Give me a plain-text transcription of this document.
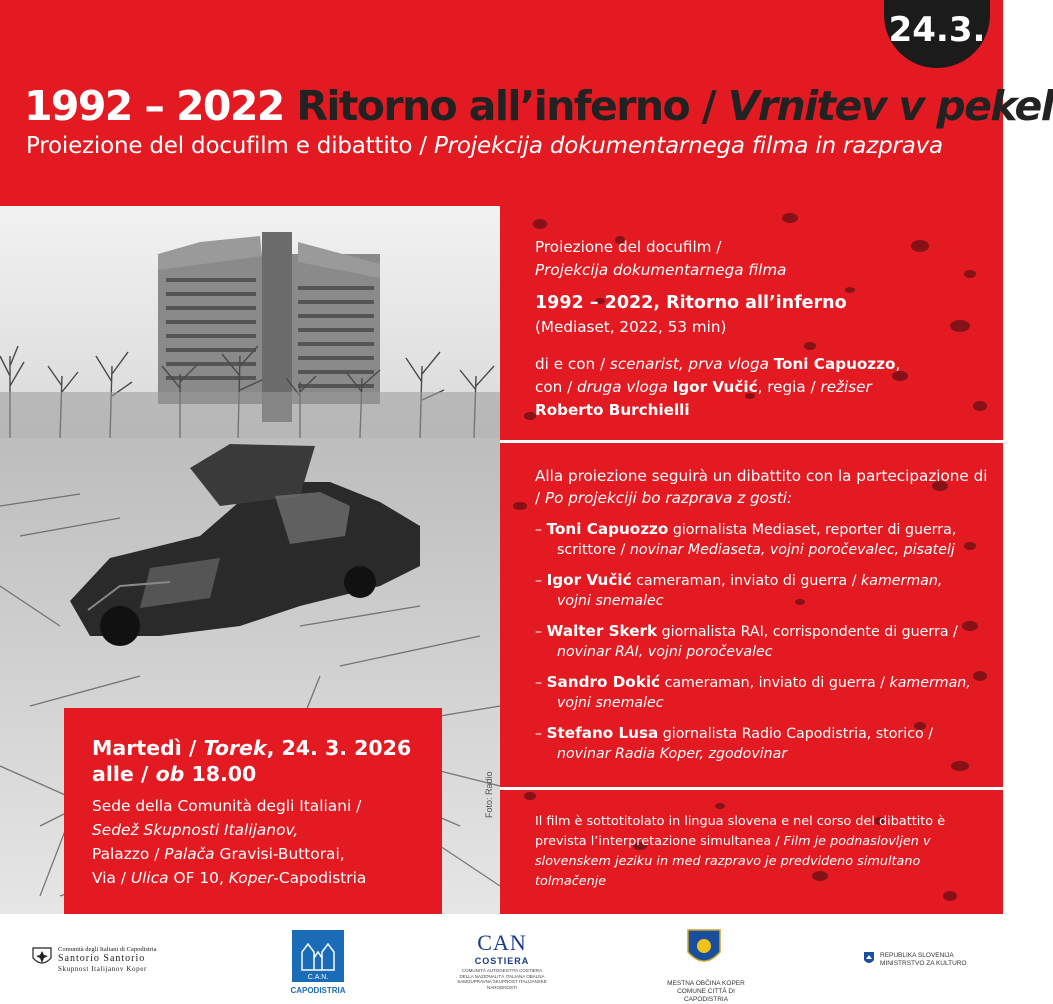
24.3.
1992 – 2022 Ritorno all’inferno / Vrnitev v pekel
Proiezione del docufilm e dibattito / Projekcija dokumentarnega filma in razprava
Foto: Radio
Proiezione del docufilm /
Projekcija dokumentarnega filma
1992 – 2022, Ritorno all’inferno
(Mediaset, 2022, 53 min)
di e con / scenarist, prva vloga Toni Capuozzo,
con / druga vloga Igor Vučić, regia / režiser
Roberto Burchielli
Alla proiezione seguirà un dibattito con la partecipazione di / Po projekciji bo razprava z gosti:
– Toni Capuozzo giornalista Mediaset, reporter di guerra,
scrittore / novinar Mediaseta, vojni poročevalec, pisatelj
– Igor Vučić cameraman, inviato di guerra / kamerman,
vojni snemalec
– Walter Skerk giornalista RAI, corrispondente di guerra /
novinar RAI, vojni poročevalec
– Sandro Dokić cameraman, inviato di guerra / kamerman,
vojni snemalec
– Stefano Lusa giornalista Radio Capodistria, storico /
novinar Radia Koper, zgodovinar
Il film è sottotitolato in lingua slovena e nel corso del dibattito è prevista l’interpretazione simultanea / Film je podnaslovljen v slovenskem jeziku in med razpravo je predvideno simultano tolmačenje
Martedì / Torek, 24. 3. 2026
alle / ob 18.00
Sede della Comunità degli Italiani /
Sedež Skupnosti Italijanov,
Palazzo / Palača Gravisi-Buttorai,
Via / Ulica OF 10, Koper-Capodistria
Comunità degli Italiani di Capodistria
Santorio Santorio
Skupnost Italijanov Koper
C.A.N.
CAPODISTRIA
CAN
COSTIERA
COMUNITÀ AUTOGESTITA COSTIERA DELLA NAZIONALITÀ ITALIANA OBALNA SAMOUPRAVNA SKUPNOST ITALIJANSKE NARODNOSTI	MESTNA OBČINA KOPER COMUNE CITTÀ DI CAPODISTRIA
REPUBLIKA SLOVENIJA
MINISTRSTVO ZA KULTURO
